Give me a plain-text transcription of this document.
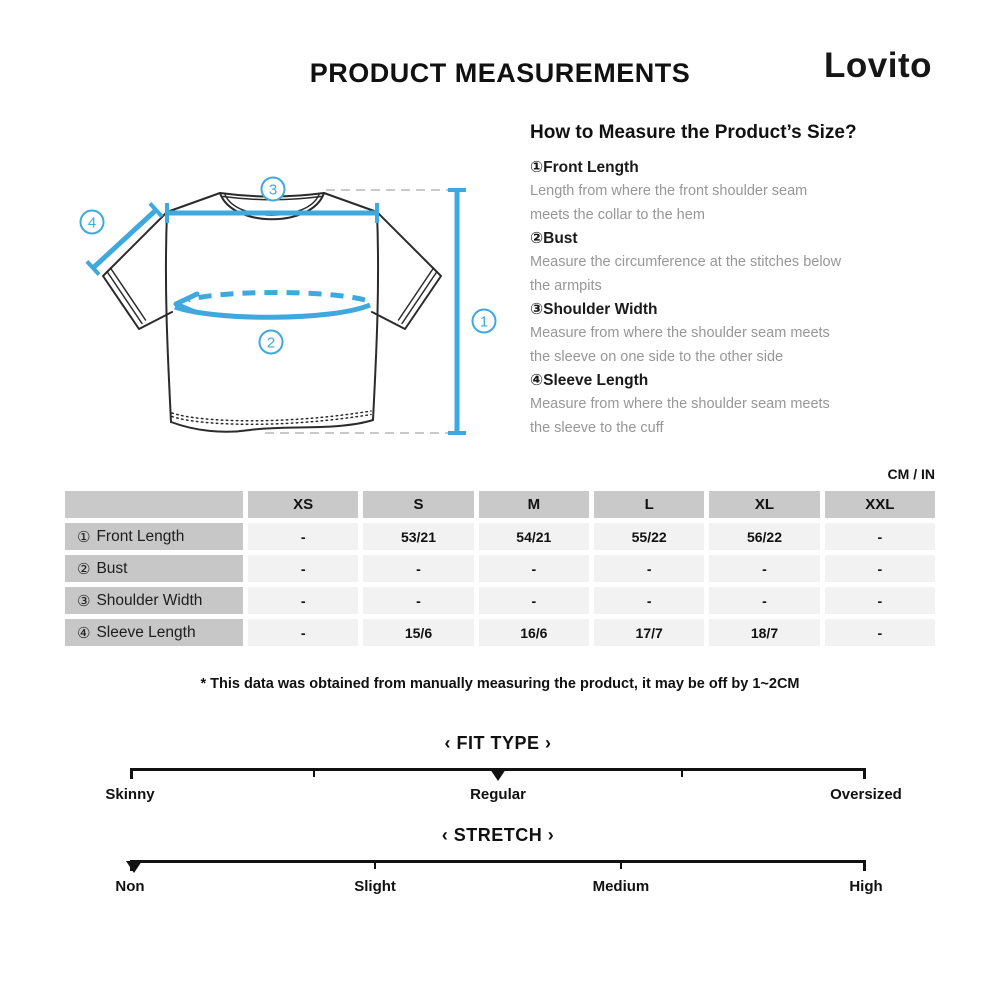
PRODUCT MEASUREMENTS	Lovito
3
4
2
1
How to Measure the Product’s Size?
①Front Length
Length from where the front shoulder seam
meets the collar to the hem
②Bust
Measure the circumference at the stitches below
the armpits
③Shoulder Width
Measure from where the shoulder seam meets
the sleeve on one side to the other side
④Sleeve Length
Measure from where the shoulder seam meets
the sleeve to the cuff
CM / IN
XS	S	M	L	XL	XXL
① Front Length	-	53/21	54/21	55/22	56/22	-
② Bust	-	-	-	-	-	-
③ Shoulder Width	-	-	-	-	-	-
④ Sleeve Length	-	15/6	16/6	17/7	18/7	-
* This data was obtained from manually measuring the product, it may be off by 1~2CM
‹ FIT TYPE ›
Skinny	Regular	Oversized
‹ STRETCH ›
Non	Slight	Medium	High
